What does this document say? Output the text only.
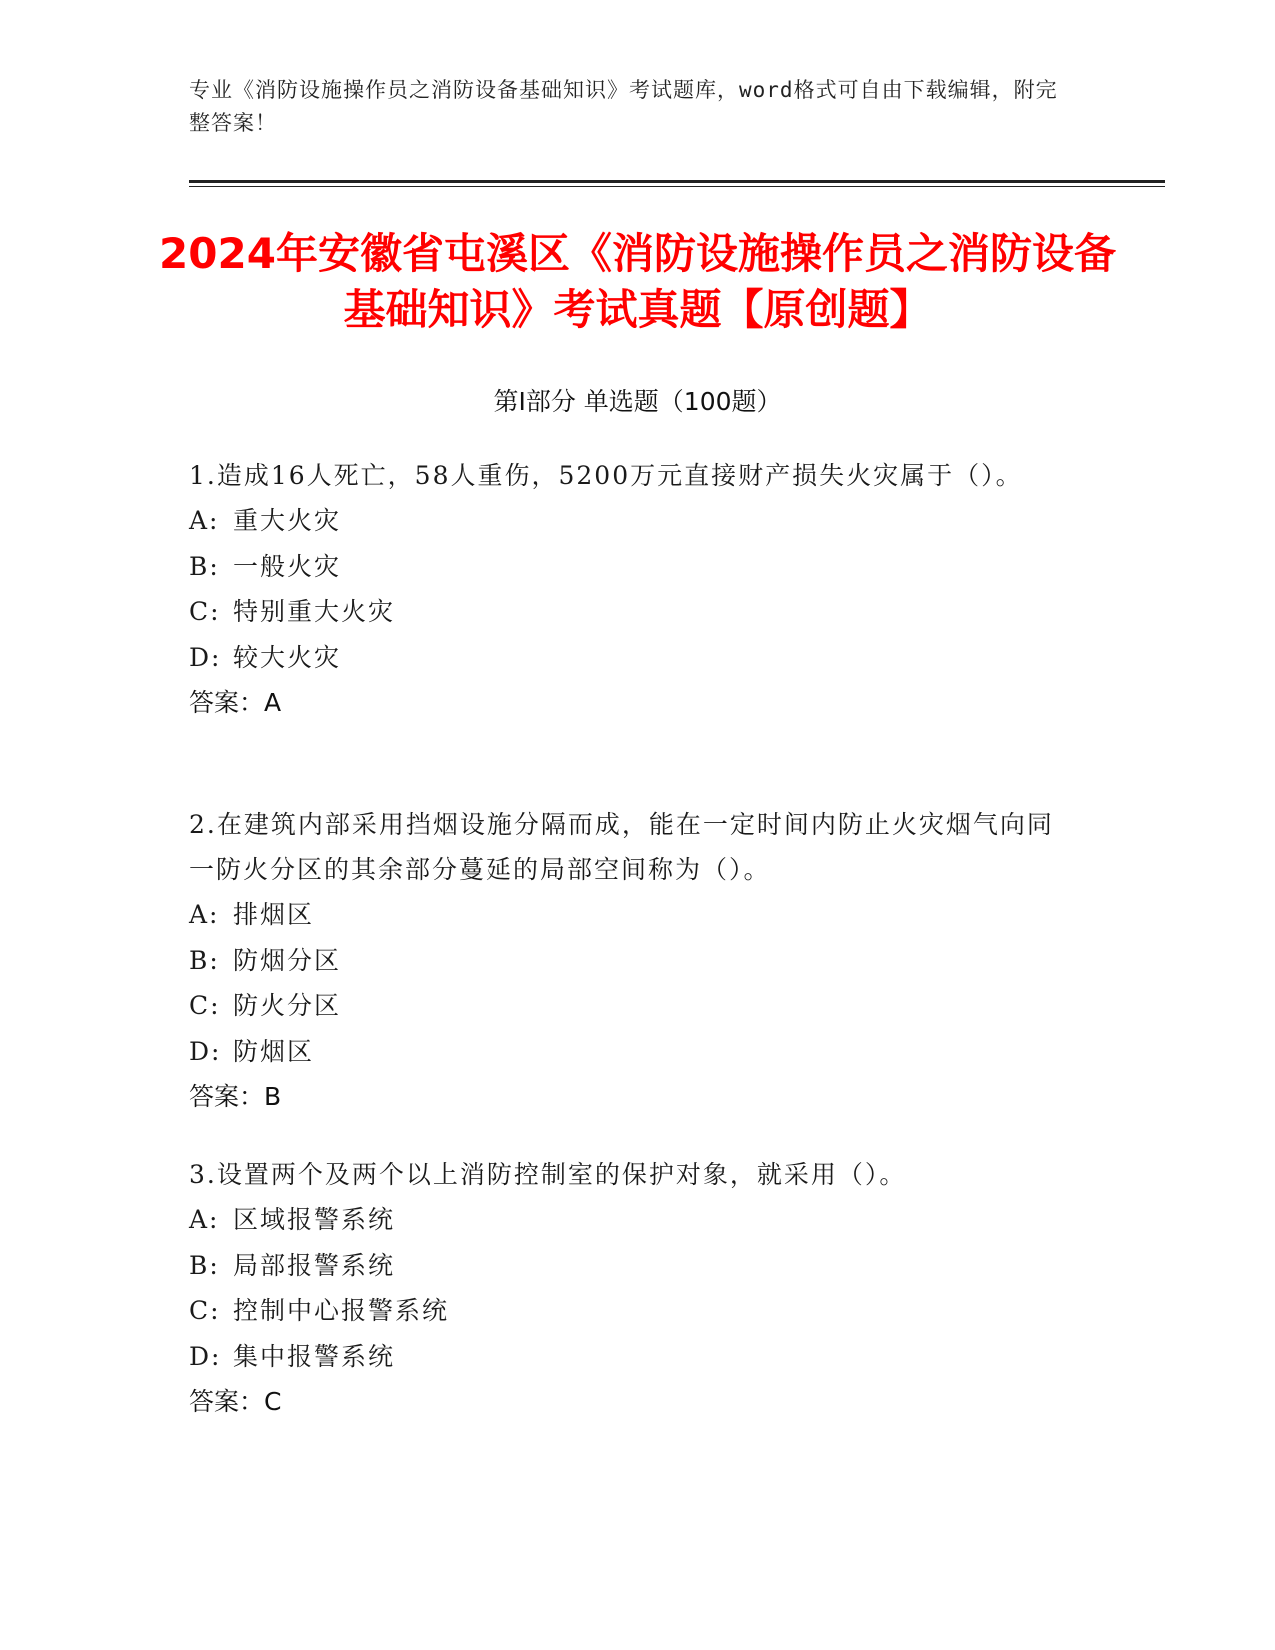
专业《消防设施操作员之消防设备基础知识》考试题库，word格式可自由下载编辑，附完整答案！
2024年安徽省屯溪区《消防设施操作员之消防设备基础知识》考试真题【原创题】
第I部分 单选题（100题）
1.造成16人死亡，58人重伤，5200万元直接财产损失火灾属于（）。
A: 重大火灾
B: 一般火灾
C: 特别重大火灾
D: 较大火灾
答案：A
2.在建筑内部采用挡烟设施分隔而成，能在一定时间内防止火灾烟气向同一防火分区的其余部分蔓延的局部空间称为（）。
A: 排烟区
B: 防烟分区
C: 防火分区
D: 防烟区
答案：B
3.设置两个及两个以上消防控制室的保护对象，就采用（）。
A: 区域报警系统
B: 局部报警系统
C: 控制中心报警系统
D: 集中报警系统
答案：C
